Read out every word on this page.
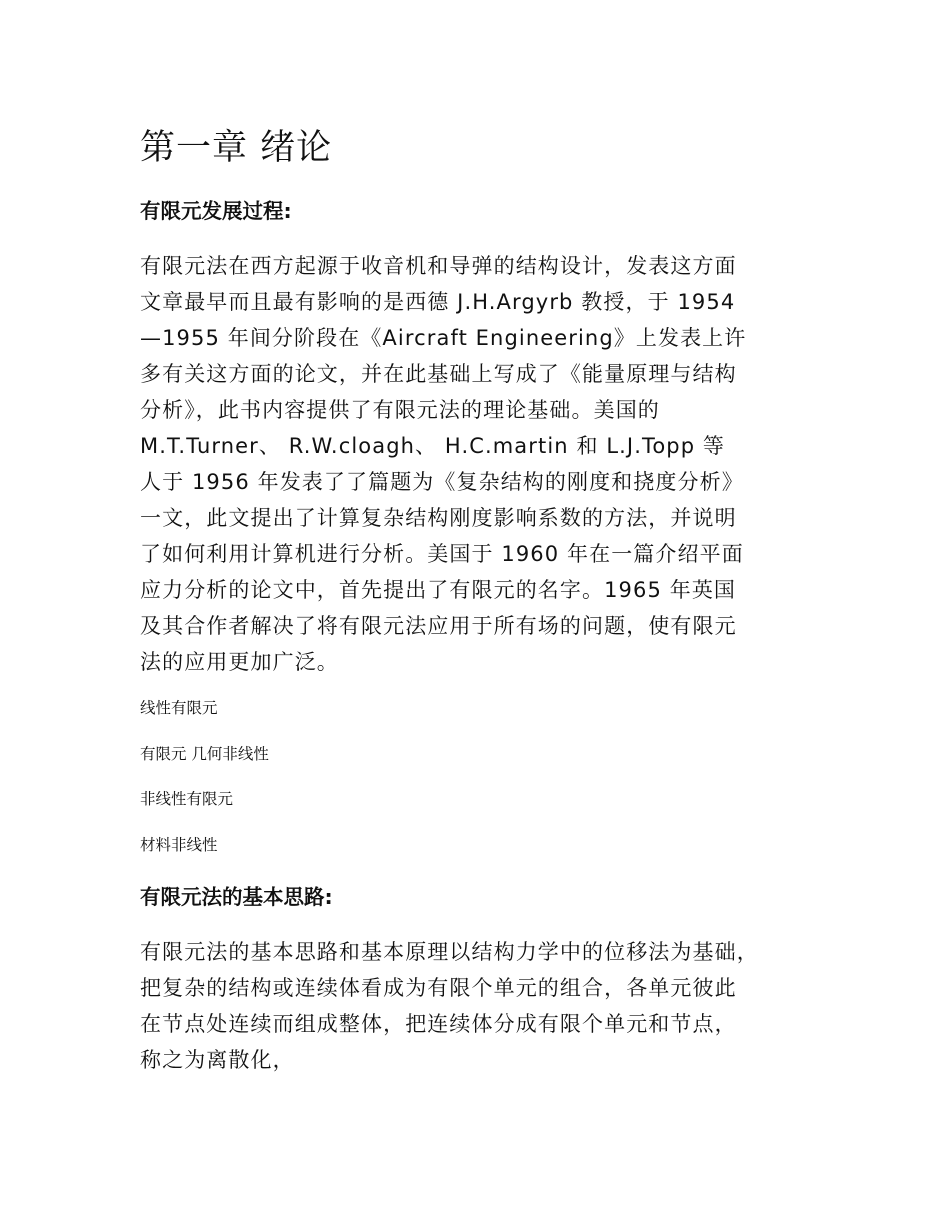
第一章 绪论
有限元发展过程:

有限元法在西方起源于收音机和导弹的结构设计，发表这方面
文章最早而且最有影响的是西德 J.H.Argyrb 教授，于 1954
—1955 年间分阶段在《Aircraft Engineering》上发表上许
多有关这方面的论文，并在此基础上写成了《能量原理与结构
分析》，此书内容提供了有限元法的理论基础。美国的
M.T.Turner、 R.W.cloagh、 H.C.martin 和 L.J.Topp 等
人于 1956 年发表了了篇题为《复杂结构的刚度和挠度分析》
一文，此文提出了计算复杂结构刚度影响系数的方法，并说明
了如何利用计算机进行分析。美国于 1960 年在一篇介绍平面
应力分析的论文中，首先提出了有限元的名字。1965 年英国
及其合作者解决了将有限元法应用于所有场的问题，使有限元
法的应用更加广泛。

线性有限元

有限元 几何非线性

非线性有限元

材料非线性

有限元法的基本思路:

有限元法的基本思路和基本原理以结构力学中的位移法为基础，
把复杂的结构或连续体看成为有限个单元的组合，各单元彼此
在节点处连续而组成整体，把连续体分成有限个单元和节点，
称之为离散化，
